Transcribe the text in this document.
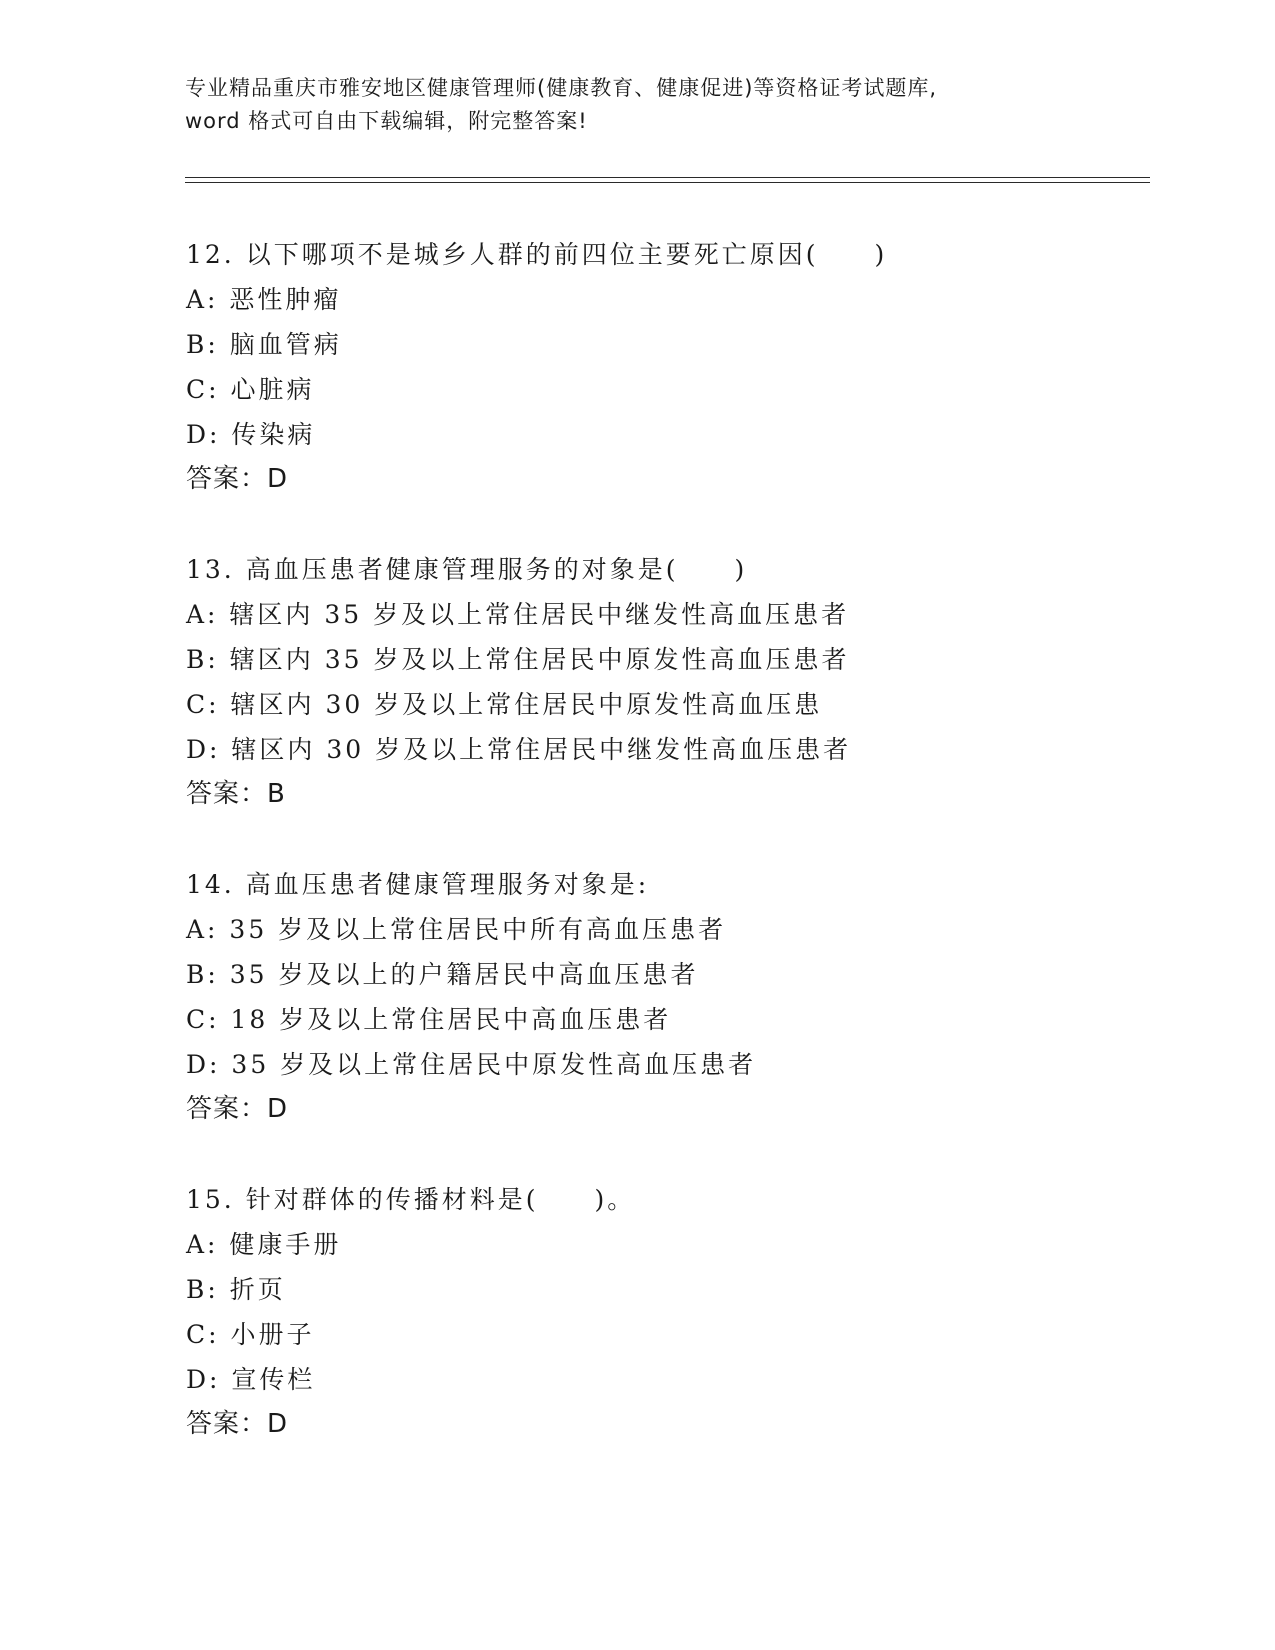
专业精品重庆市雅安地区健康管理师(健康教育、健康促进)等资格证考试题库,
word 格式可自由下载编辑，附完整答案!
12. 以下哪项不是城乡人群的前四位主要死亡原因(　　)
A: 恶性肿瘤
B: 脑血管病
C: 心脏病
D: 传染病
答案：D
13. 高血压患者健康管理服务的对象是(　　)
A: 辖区内 35 岁及以上常住居民中继发性高血压患者
B: 辖区内 35 岁及以上常住居民中原发性高血压患者
C: 辖区内 30 岁及以上常住居民中原发性高血压患
D: 辖区内 30 岁及以上常住居民中继发性高血压患者
答案：B
14. 高血压患者健康管理服务对象是:
A: 35 岁及以上常住居民中所有高血压患者
B: 35 岁及以上的户籍居民中高血压患者
C: 18 岁及以上常住居民中高血压患者
D: 35 岁及以上常住居民中原发性高血压患者
答案：D
15. 针对群体的传播材料是(　　)。
A: 健康手册
B: 折页
C: 小册子
D: 宣传栏
答案：D
